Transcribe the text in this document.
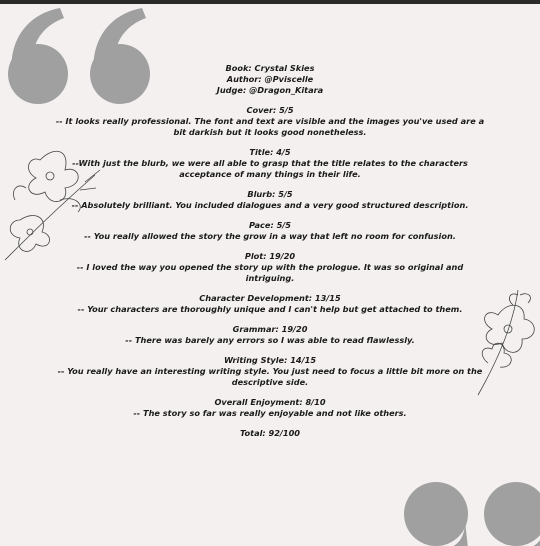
Book: Crystal Skies

Author: @Pviscelle

Judge: @Dragon_Kitara

Cover: 5/5

-- It looks really professional. The font and text are visible and the images you've used are a

bit darkish but it looks good nonetheless.

Title: 4/5

--With just the blurb, we were all able to grasp that the title relates to the characters

acceptance of many things in their life.

Blurb: 5/5

-- Absolutely brilliant. You included dialogues and a very good structured description.

Pace: 5/5

-- You really allowed the story the grow in a way that left no room for confusion.

Plot: 19/20

-- I loved the way you opened the story up with the prologue. It was so original and

intriguing.

Character Development: 13/15

-- Your characters are thoroughly unique and I can't help but get attached to them.

Grammar: 19/20

-- There was barely any errors so I was able to read flawlessly.

Writing Style: 14/15

-- You really have an interesting writing style. You just need to focus a little bit more on the

descriptive side.

Overall Enjoyment: 8/10

-- The story so far was really enjoyable and not like others.

Total: 92/100
